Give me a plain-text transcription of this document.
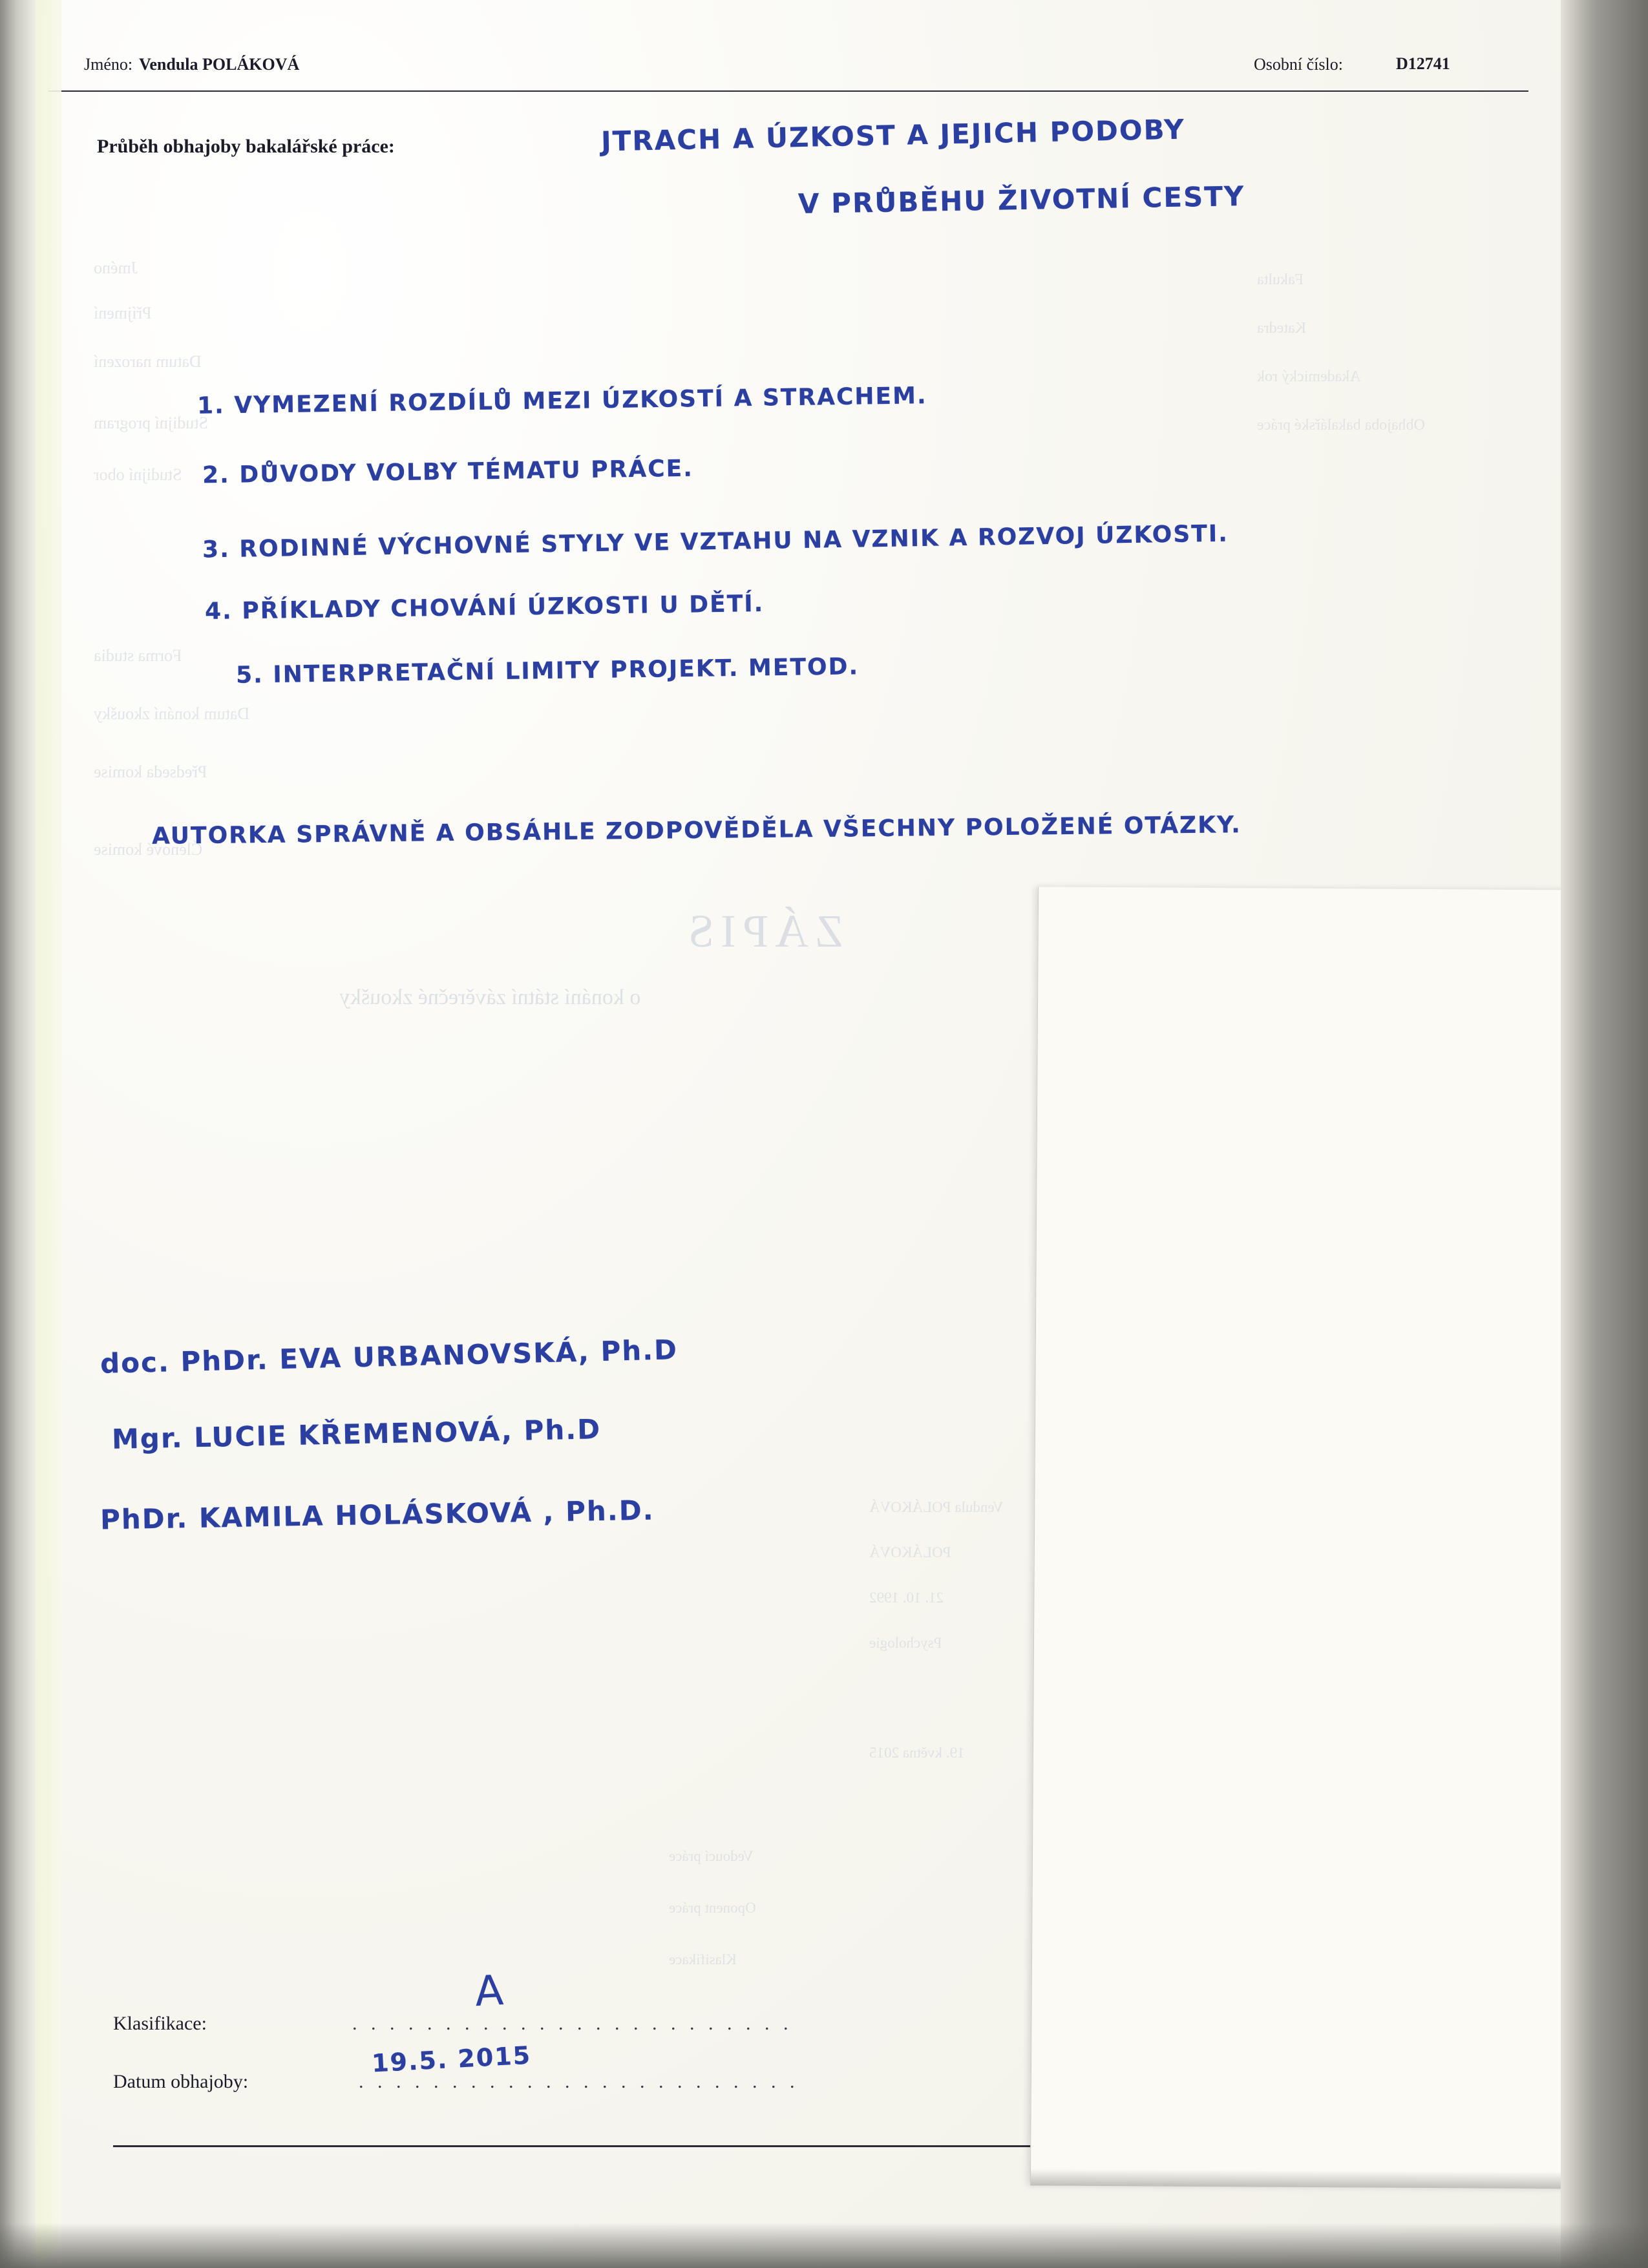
ZÁPIS
o konání státní závěrečné zkoušky
Jméno
Příjmení
Datum narození
Studijní program
Studijní obor
Forma studia
Datum konání zkoušky
Předseda komise
Členové komise
Fakulta
Katedra
Akademický rok
Obhajoba bakalářské práce
Vendula POLÁKOVÁ
POLÁKOVÁ
21. 10. 1992
Psychologie
19. května 2015
Vedoucí práce
Oponent práce
Klasifikace
Jméno: Vendula POLÁKOVÁ	Osobní číslo:	D12741
Průběh obhajoby bakalářské práce:	JTRACH A ÚZKOST A JEJICH PODOBY
V PRŮBĚHU ŽIVOTNÍ CESTY
1. VYMEZENÍ ROZDÍLŮ MEZI ÚZKOSTÍ A STRACHEM.
2. DŮVODY VOLBY TÉMATU PRÁCE.
3. RODINNÉ VÝCHOVNÉ STYLY VE VZTAHU NA VZNIK A ROZVOJ ÚZKOSTI.
4. PŘÍKLADY CHOVÁNÍ ÚZKOSTI U DĚTÍ.
5. INTERPRETAČNÍ LIMITY PROJEKT. METOD.
AUTORKA SPRÁVNĚ A OBSÁHLE ZODPOVĚDĚLA VŠECHNY POLOŽENÉ OTÁZKY.
doc. PhDr. EVA URBANOVSKÁ, Ph.D
Mgr. LUCIE KŘEMENOVÁ, Ph.D
PhDr. KAMILA HOLÁSKOVÁ , Ph.D.
Klasifikace:	. . . . . . . . . . . . . . . . . . . . . . . .
A
Datum obhajoby:	. . . . . . . . . . . . . . . . . . . . . . . .
19.5. 2015
